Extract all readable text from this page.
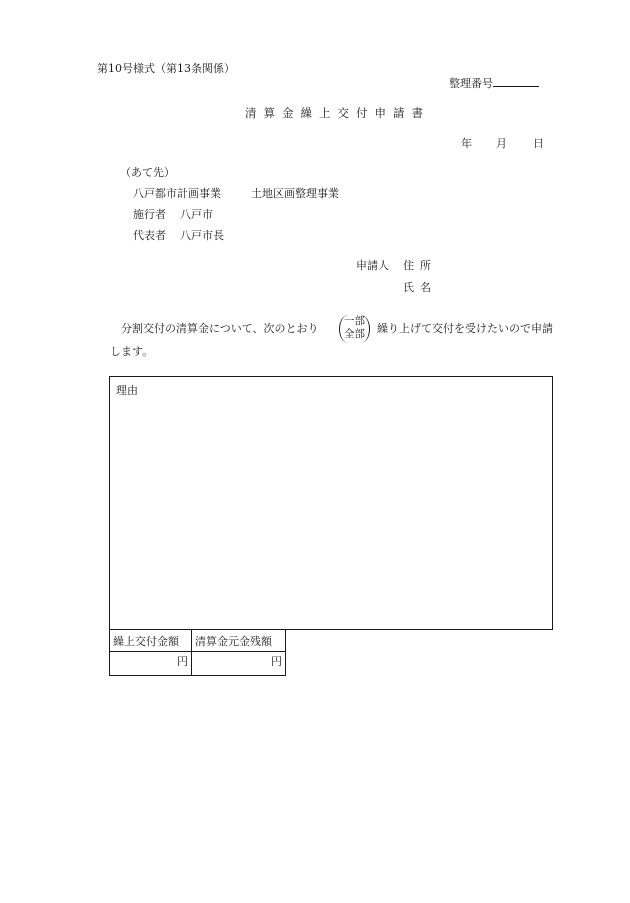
第10号様式（第13条関係）
整理番号
清算金繰上交付申請書
年 月 日
（あて先）
八戸都市計画事業	土地区画整理事業
施行者 八戸市
代表者 八戸市長
申請人 住所
氏名
分割交付の清算金について、次のとおり
一部
全部	繰り上げて交付を受けたいので申請
します。
理由
繰上交付金額	清算金元金残額
円	円
